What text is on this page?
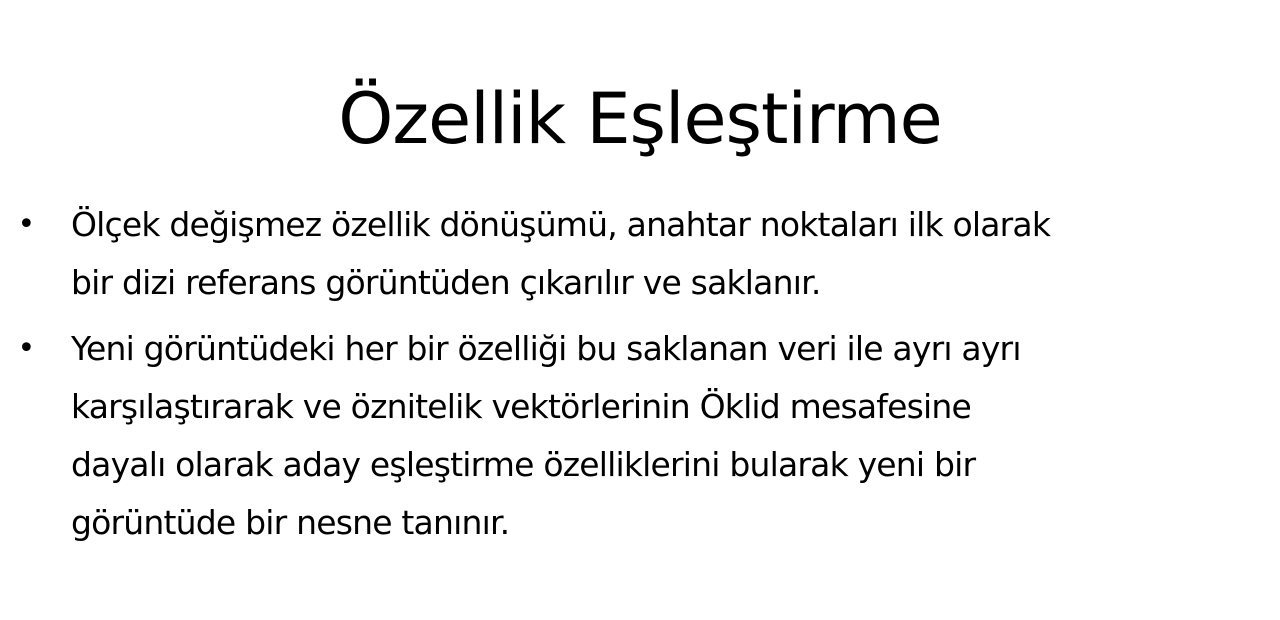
Özellik Eşleştirme
• Ölçek değişmez özellik dönüşümü, anahtar noktaları ilk olarak
bir dizi referans görüntüden çıkarılır ve saklanır.
• Yeni görüntüdeki her bir özelliği bu saklanan veri ile ayrı ayrı
karşılaştırarak ve öznitelik vektörlerinin Öklid mesafesine
dayalı olarak aday eşleştirme özelliklerini bularak yeni bir
görüntüde bir nesne tanınır.
